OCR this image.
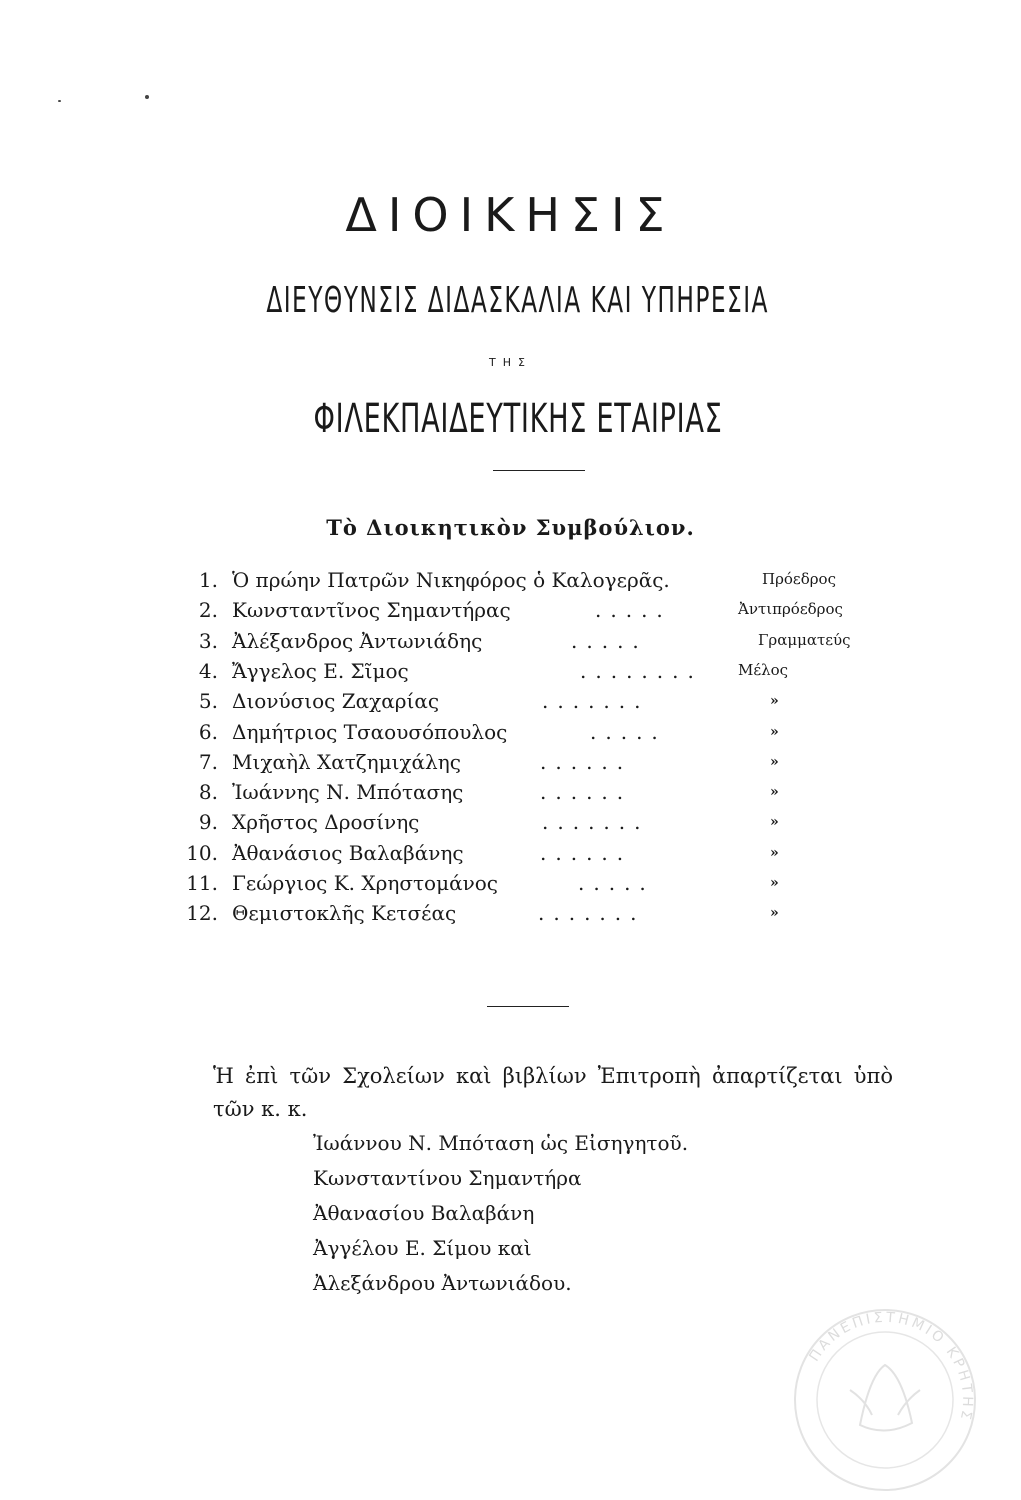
ΔΙΟΙΚΗΣΙΣ
ΔΙΕΥΘΥΝΣΙΣ ΔΙΔΑΣΚΑΛΙΑ ΚΑΙ ΥΠΗΡΕΣΙΑ
ΤΗΣ
ΦΙΛΕΚΠΑΙΔΕΥΤΙΚΗΣ ΕΤΑΙΡΙΑΣ
Τὸ Διοικητικὸν Συμβούλιον.
1. Ὁ πρώην Πατρῶν Νικηφόρος ὁ Καλογερᾶς.	Πρόεδρος
2. Κωνσταντῖνος Σημαντήρας	.....	Ἀντιπρόεδρος
3. Ἀλέξανδρος Ἀντωνιάδης	.....	Γραμματεύς
4. Ἄγγελος Ε. Σῖμος	........ Μέλος
5. Διονύσιος Ζαχαρίας	.......	»
6. Δημήτριος Τσαουσόπουλος	.....	»
7. Μιχαὴλ Χατζημιχάλης	......	»
8. Ἰωάννης Ν. Μπότασης	......	»
9. Χρῆστος Δροσίνης	.......	»
10. Ἀθανάσιος Βαλαβάνης	......	»
11. Γεώργιος Κ. Χρηστομάνος	.....	»
12. Θεμιστοκλῆς Κετσέας	.......	»
Ἡ ἐπὶ τῶν Σχολείων καὶ βιβλίων Ἐπιτροπὴ ἀπαρτίζεται ὑπὸ τῶν κ. κ.
Ἰωάννου Ν. Μπόταση ὡς Εἰσηγητοῦ.
Κωνσταντίνου Σημαντήρα
Ἀθανασίου Βαλαβάνη
Ἀγγέλου Ε. Σίμου καὶ
Ἀλεξάνδρου Ἀντωνιάδου.
ΠΑΝΕΠΙΣΤΗΜΙΟ ΚΡΗΤΗΣ
